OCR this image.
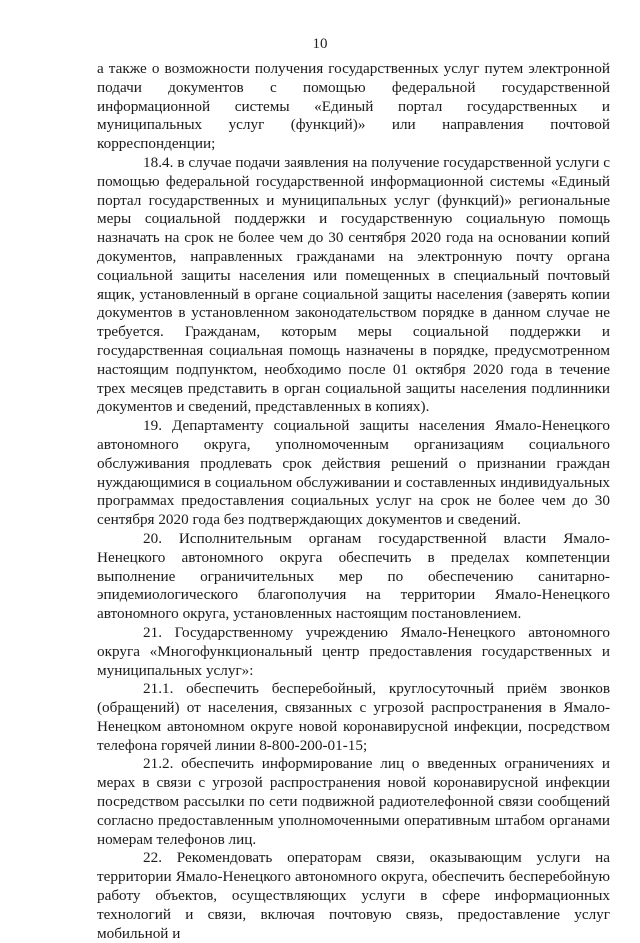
10

а также о возможности получения государственных услуг путем электронной подачи документов с помощью федеральной государственной информационной системы «Единый портал государственных и муниципальных услуг (функций)» или направления почтовой корреспонденции;

18.4. в случае подачи заявления на получение государственной услуги с помощью федеральной государственной информационной системы «Единый портал государственных и муниципальных услуг (функций)» региональные меры социальной поддержки и государственную социальную помощь назначать на срок не более чем до 30 сентября 2020 года на основании копий документов, направленных гражданами на электронную почту органа социальной защиты населения или помещенных в специальный почтовый ящик, установленный в органе социальной защиты населения (заверять копии документов в установленном законодательством порядке в данном случае не требуется. Гражданам, которым меры социальной поддержки и государственная социальная помощь назначены в порядке, предусмотренном настоящим подпунктом, необходимо после 01 октября 2020 года в течение трех месяцев представить в орган социальной защиты населения подлинники документов и сведений, представленных в копиях).

19. Департаменту социальной защиты населения Ямало-Ненецкого автономного округа, уполномоченным организациям социального обслуживания продлевать срок действия решений о признании граждан нуждающимися в социальном обслуживании и составленных индивидуальных программах предоставления социальных услуг на срок не более чем до 30 сентября 2020 года без подтверждающих документов и сведений.

20. Исполнительным органам государственной власти Ямало-Ненецкого автономного округа обеспечить в пределах компетенции выполнение ограничительных мер по обеспечению санитарно-эпидемиологического благополучия на территории Ямало-Ненецкого автономного округа, установленных настоящим постановлением.

21. Государственному учреждению Ямало-Ненецкого автономного округа «Многофункциональный центр предоставления государственных и муниципальных услуг»:

21.1. обеспечить бесперебойный, круглосуточный приём звонков (обращений) от населения, связанных с угрозой распространения в Ямало-Ненецком автономном округе новой коронавирусной инфекции, посредством телефона горячей линии 8-800-200-01-15;

21.2. обеспечить информирование лиц о введенных ограничениях и мерах в связи с угрозой распространения новой коронавирусной инфекции посредством рассылки по сети подвижной радиотелефонной связи сообщений согласно предоставленным уполномоченными оперативным штабом органами номерам телефонов лиц.

22. Рекомендовать операторам связи, оказывающим услуги на территории Ямало-Ненецкого автономного округа, обеспечить бесперебойную работу объектов, осуществляющих услуги в сфере информационных технологий и связи, включая почтовую связь, предоставление услуг мобильной и
